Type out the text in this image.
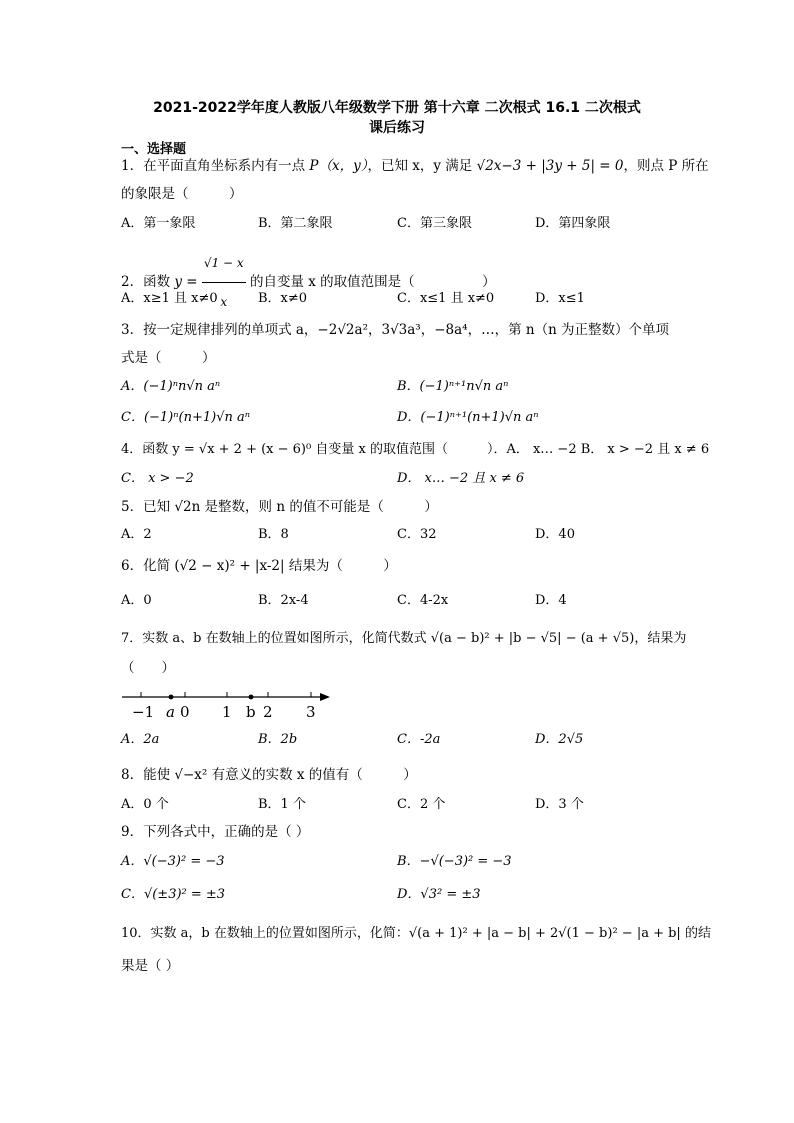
2021-2022学年度人教版八年级数学下册 第十六章 二次根式 16.1 二次根式
课后练习
一、选择题
1．在平面直角坐标系内有一点 P（x，y），已知 x，y 满足 √2x−3 + |3y + 5| = 0，则点 P 所在
的象限是（　　　）
A．第一象限	B．第二象限	C．第三象限	D．第四象限
2．函数 $y = \frac{√1 - x}{x}$ 的自变量 x 的取值范围是（　　　　　）
A．x≥1 且 x≠0	B．x≠0	C．x≤1 且 x≠0	D．x≤1
3．按一定规律排列的单项式 a，−2√2a²，3√3a³，−8a⁴，…，第 n（n 为正整数）个单项
式是（　　　）
A．(−1)ⁿn√n aⁿ	B．(−1)ⁿ⁺¹n√n aⁿ
C．(−1)ⁿ(n+1)√n aⁿ	D．(−1)ⁿ⁺¹(n+1)√n aⁿ
4．函数 y = √x + 2 + (x − 6)⁰ 自变量 x 的取值范围（　　　）．A． x… −2 B． x > −2 且 x ≠ 6
C． x > −2	D． x… −2 且 x ≠ 6
5．已知 √2n 是整数，则 n 的值不可能是（　　　）
A．2	B．8	C．32	D．40
6．化简 (√2 − x)² + |x-2| 结果为（　　　）
A．0	B．2x-4	C．4-2x	D．4
7．实数 a、b 在数轴上的位置如图所示，化简代数式 √(a − b)² + |b − √5| − (a + √5)，结果为
（　　）
−1 a 0 1 b 2 3
A．2a	B．2b	C．-2a	D．2√5
8．能使 √−x² 有意义的实数 x 的值有（　　　）
A．0 个	B．1 个	C．2 个	D．3 个
9．下列各式中，正确的是（ ）
A．√(−3)² = −3	B．−√(−3)² = −3
C．√(±3)² = ±3	D．√3² = ±3
10．实数 a，b 在数轴上的位置如图所示，化简：√(a + 1)² + |a − b| + 2√(1 − b)² − |a + b| 的结
果是（ ）
